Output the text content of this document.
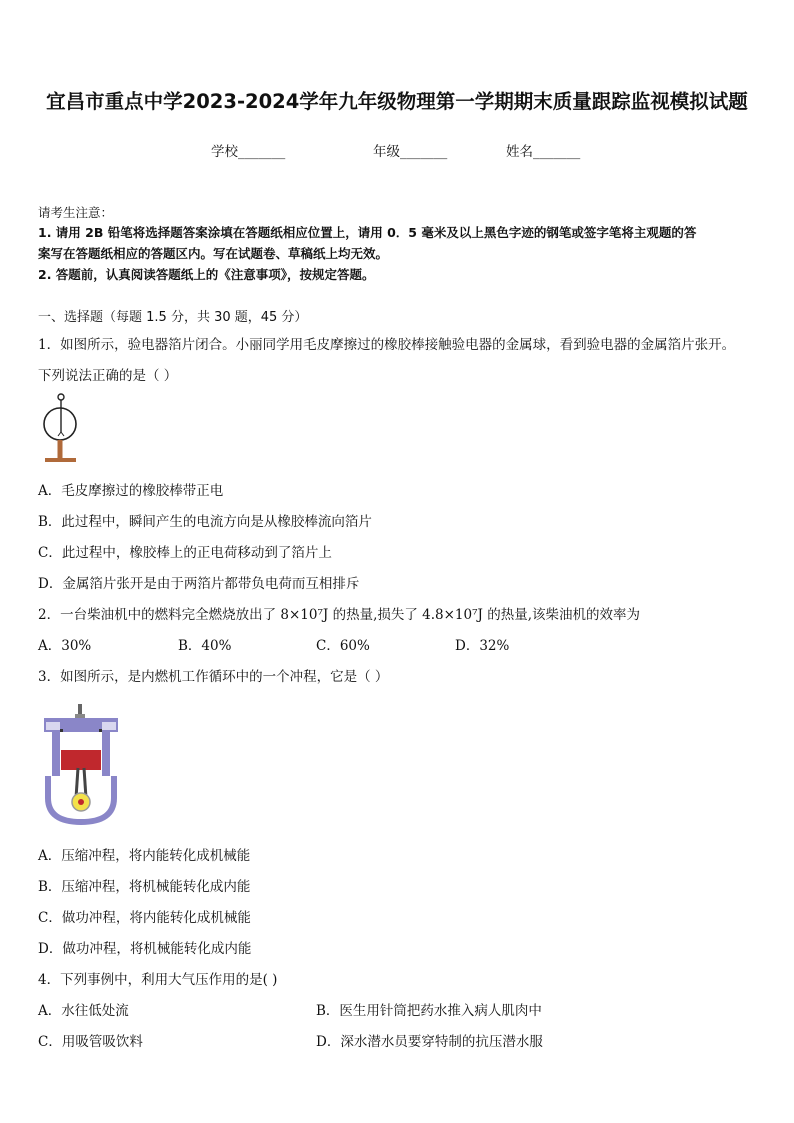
宜昌市重点中学2023-2024学年九年级物理第一学期期末质量跟踪监视模拟试题
学校_______	年级_______	姓名_______
请考生注意：
1. 请用 2B 铅笔将选择题答案涂填在答题纸相应位置上，请用 0．5 毫米及以上黑色字迹的钢笔或签字笔将主观题的答
案写在答题纸相应的答题区内。写在试题卷、草稿纸上均无效。
2. 答题前，认真阅读答题纸上的《注意事项》，按规定答题。
一、选择题（每题 1.5 分，共 30 题，45 分）
1．如图所示，验电器箔片闭合。小丽同学用毛皮摩擦过的橡胶棒接触验电器的金属球，看到验电器的金属箔片张开。
下列说法正确的是（ ）
A．毛皮摩擦过的橡胶棒带正电
B．此过程中，瞬间产生的电流方向是从橡胶棒流向箔片
C．此过程中，橡胶棒上的正电荷移动到了箔片上
D．金属箔片张开是由于两箔片都带负电荷而互相排斥
2．一台柴油机中的燃料完全燃烧放出了 8×10⁷J 的热量,损失了 4.8×10⁷J 的热量,该柴油机的效率为
A．30%	B．40%	C．60%	D．32%
3．如图所示，是内燃机工作循环中的一个冲程，它是（ ）
A．压缩冲程，将内能转化成机械能
B．压缩冲程，将机械能转化成内能
C．做功冲程，将内能转化成机械能
D．做功冲程，将机械能转化成内能
4．下列事例中，利用大气压作用的是( )
A．水往低处流	B．医生用针筒把药水推入病人肌肉中
C．用吸管吸饮料	D．深水潜水员要穿特制的抗压潜水服
